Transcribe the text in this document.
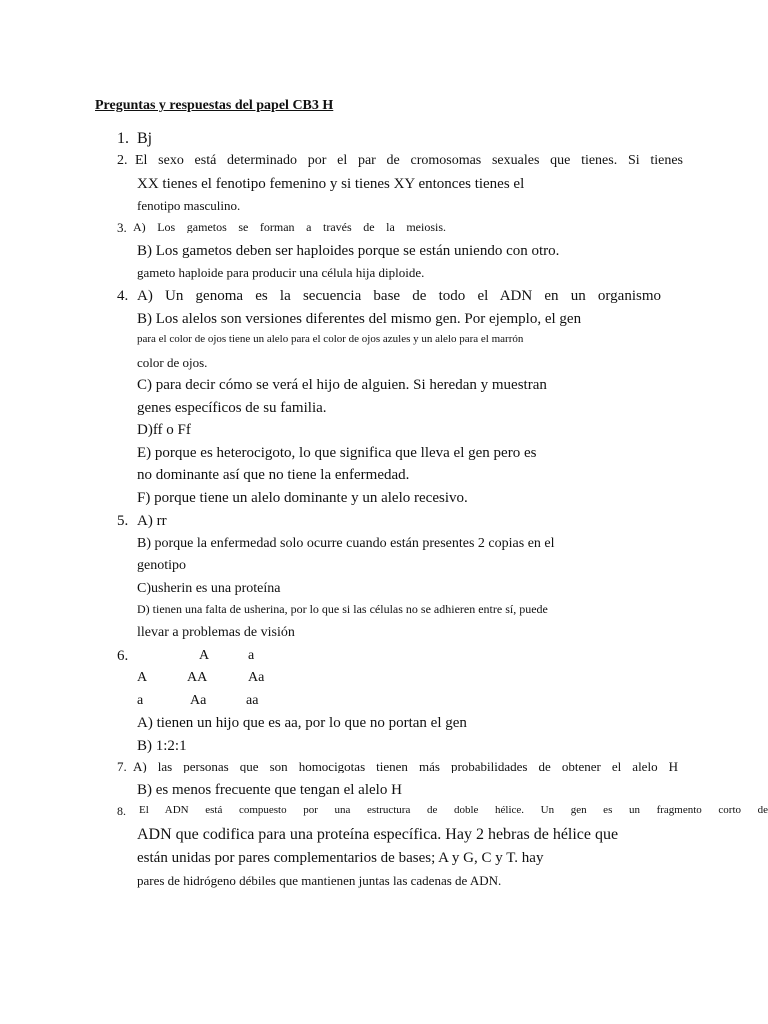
Preguntas y respuestas del papel CB3 H
1. Bj
2. El sexo está determinado por el par de cromosomas sexuales que tienes. Si tienes
XX tienes el fenotipo femenino y si tienes XY entonces tienes el
fenotipo masculino.
3. A) Los gametos se forman a través de la meiosis.
B) Los gametos deben ser haploides porque se están uniendo con otro.
gameto haploide para producir una célula hija diploide.
4. A) Un genoma es la secuencia base de todo el ADN en un organismo
B) Los alelos son versiones diferentes del mismo gen. Por ejemplo, el gen
para el color de ojos tiene un alelo para el color de ojos azules y un alelo para el marrón
color de ojos.
C) para decir cómo se verá el hijo de alguien. Si heredan y muestran
genes específicos de su familia.
D)ff o Ff
E) porque es heterocigoto, lo que significa que lleva el gen pero es
no dominante así que no tiene la enfermedad.
F) porque tiene un alelo dominante y un alelo recesivo.
5. A) rr
B) porque la enfermedad solo ocurre cuando están presentes 2 copias en el
genotipo
C)usherin es una proteína
D) tienen una falta de usherina, por lo que si las células no se adhieren entre sí, puede
llevar a problemas de visión
6.	A	a
A	AA	Aa
a	Aa	aa
A) tienen un hijo que es aa, por lo que no portan el gen
B) 1:2:1
7. A) las personas que son homocigotas tienen más probabilidades de obtener el alelo H
B) es menos frecuente que tengan el alelo H
8. El ADN está compuesto por una estructura de doble hélice. Un gen es un fragmento corto de
ADN que codifica para una proteína específica. Hay 2 hebras de hélice que
están unidas por pares complementarios de bases; A y G, C y T. hay
pares de hidrógeno débiles que mantienen juntas las cadenas de ADN.
